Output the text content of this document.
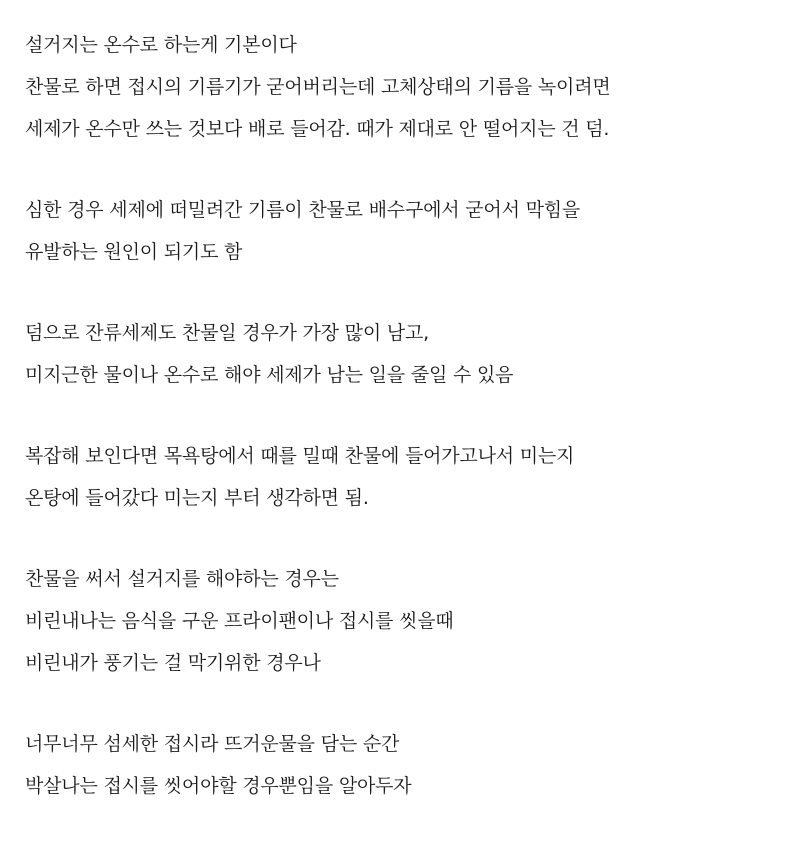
설거지는 온수로 하는게 기본이다
찬물로 하면 접시의 기름기가 굳어버리는데 고체상태의 기름을 녹이려면
세제가 온수만 쓰는 것보다 배로 들어감. 때가 제대로 안 떨어지는 건 덤.
심한 경우 세제에 떠밀려간 기름이 찬물로 배수구에서 굳어서 막힘을
유발하는 원인이 되기도 함
덤으로 잔류세제도 찬물일 경우가 가장 많이 남고,
미지근한 물이나 온수로 해야 세제가 남는 일을 줄일 수 있음
복잡해 보인다면 목욕탕에서 때를 밀때 찬물에 들어가고나서 미는지
온탕에 들어갔다 미는지 부터 생각하면 됨.
찬물을 써서 설거지를 해야하는 경우는
비린내나는 음식을 구운 프라이팬이나 접시를 씻을때
비린내가 풍기는 걸 막기위한 경우나
너무너무 섬세한 접시라 뜨거운물을 담는 순간
박살나는 접시를 씻어야할 경우뿐임을 알아두자
